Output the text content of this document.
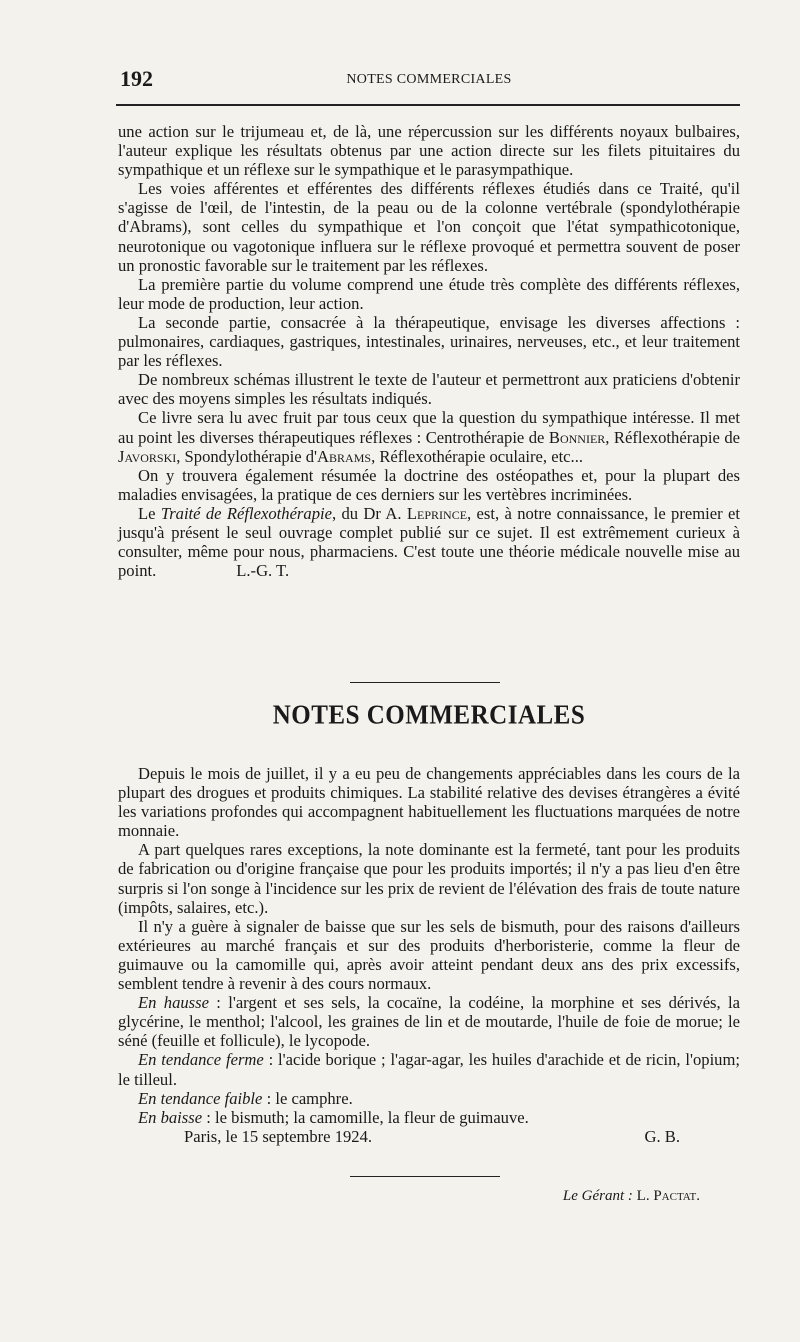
192	NOTES COMMERCIALES

une action sur le trijumeau et, de là, une répercussion sur les différents noyaux bulbaires, l'auteur explique les résultats obtenus par une action directe sur les filets pituitaires du sympathique et un réflexe sur le sympathique et le parasympathique.

Les voies afférentes et efférentes des différents réflexes étudiés dans ce Traité, qu'il s'agisse de l'œil, de l'intestin, de la peau ou de la colonne vertébrale (spondylothérapie d'Abrams), sont celles du sympathique et l'on conçoit que l'état sympathicotonique, neurotonique ou vagotonique influera sur le réflexe provoqué et permettra souvent de poser un pronostic favorable sur le traitement par les réflexes.

La première partie du volume comprend une étude très complète des différents réflexes, leur mode de production, leur action.

La seconde partie, consacrée à la thérapeutique, envisage les diverses affections : pulmonaires, cardiaques, gastriques, intestinales, urinaires, nerveuses, etc., et leur traitement par les réflexes.

De nombreux schémas illustrent le texte de l'auteur et permettront aux praticiens d'obtenir avec des moyens simples les résultats indiqués.

Ce livre sera lu avec fruit par tous ceux que la question du sympathique intéresse. Il met au point les diverses thérapeutiques réflexes : Centrothérapie de Bonnier, Réflexothérapie de Javorski, Spondylothérapie d'Abrams, Réflexothérapie oculaire, etc...

On y trouvera également résumée la doctrine des ostéopathes et, pour la plupart des maladies envisagées, la pratique de ces derniers sur les vertèbres incriminées.

Le Traité de Réflexothérapie, du Dr A. Leprince, est, à notre connaissance, le premier et jusqu'à présent le seul ouvrage complet publié sur ce sujet. Il est extrêmement curieux à consulter, même pour nous, pharmaciens. C'est toute une théorie médicale nouvelle mise au point.	L.-G. T.

NOTES COMMERCIALES

Depuis le mois de juillet, il y a eu peu de changements appréciables dans les cours de la plupart des drogues et produits chimiques. La stabilité relative des devises étrangères a évité les variations profondes qui accompagnent habituellement les fluctuations marquées de notre monnaie.

A part quelques rares exceptions, la note dominante est la fermeté, tant pour les produits de fabrication ou d'origine française que pour les produits importés; il n'y a pas lieu d'en être surpris si l'on songe à l'incidence sur les prix de revient de l'élévation des frais de toute nature (impôts, salaires, etc.).

Il n'y a guère à signaler de baisse que sur les sels de bismuth, pour des raisons d'ailleurs extérieures au marché français et sur des produits d'herboristerie, comme la fleur de guimauve ou la camomille qui, après avoir atteint pendant deux ans des prix excessifs, semblent tendre à revenir à des cours normaux.

En hausse : l'argent et ses sels, la cocaïne, la codéine, la morphine et ses dérivés, la glycérine, le menthol; l'alcool, les graines de lin et de moutarde, l'huile de foie de morue; le séné (feuille et follicule), le lycopode.

En tendance ferme : l'acide borique ; l'agar-agar, les huiles d'arachide et de ricin, l'opium; le tilleul.

En tendance faible : le camphre.

En baisse : le bismuth; la camomille, la fleur de guimauve.

Paris, le 15 septembre 1924.	G. B.

Le Gérant : L. Pactat.
